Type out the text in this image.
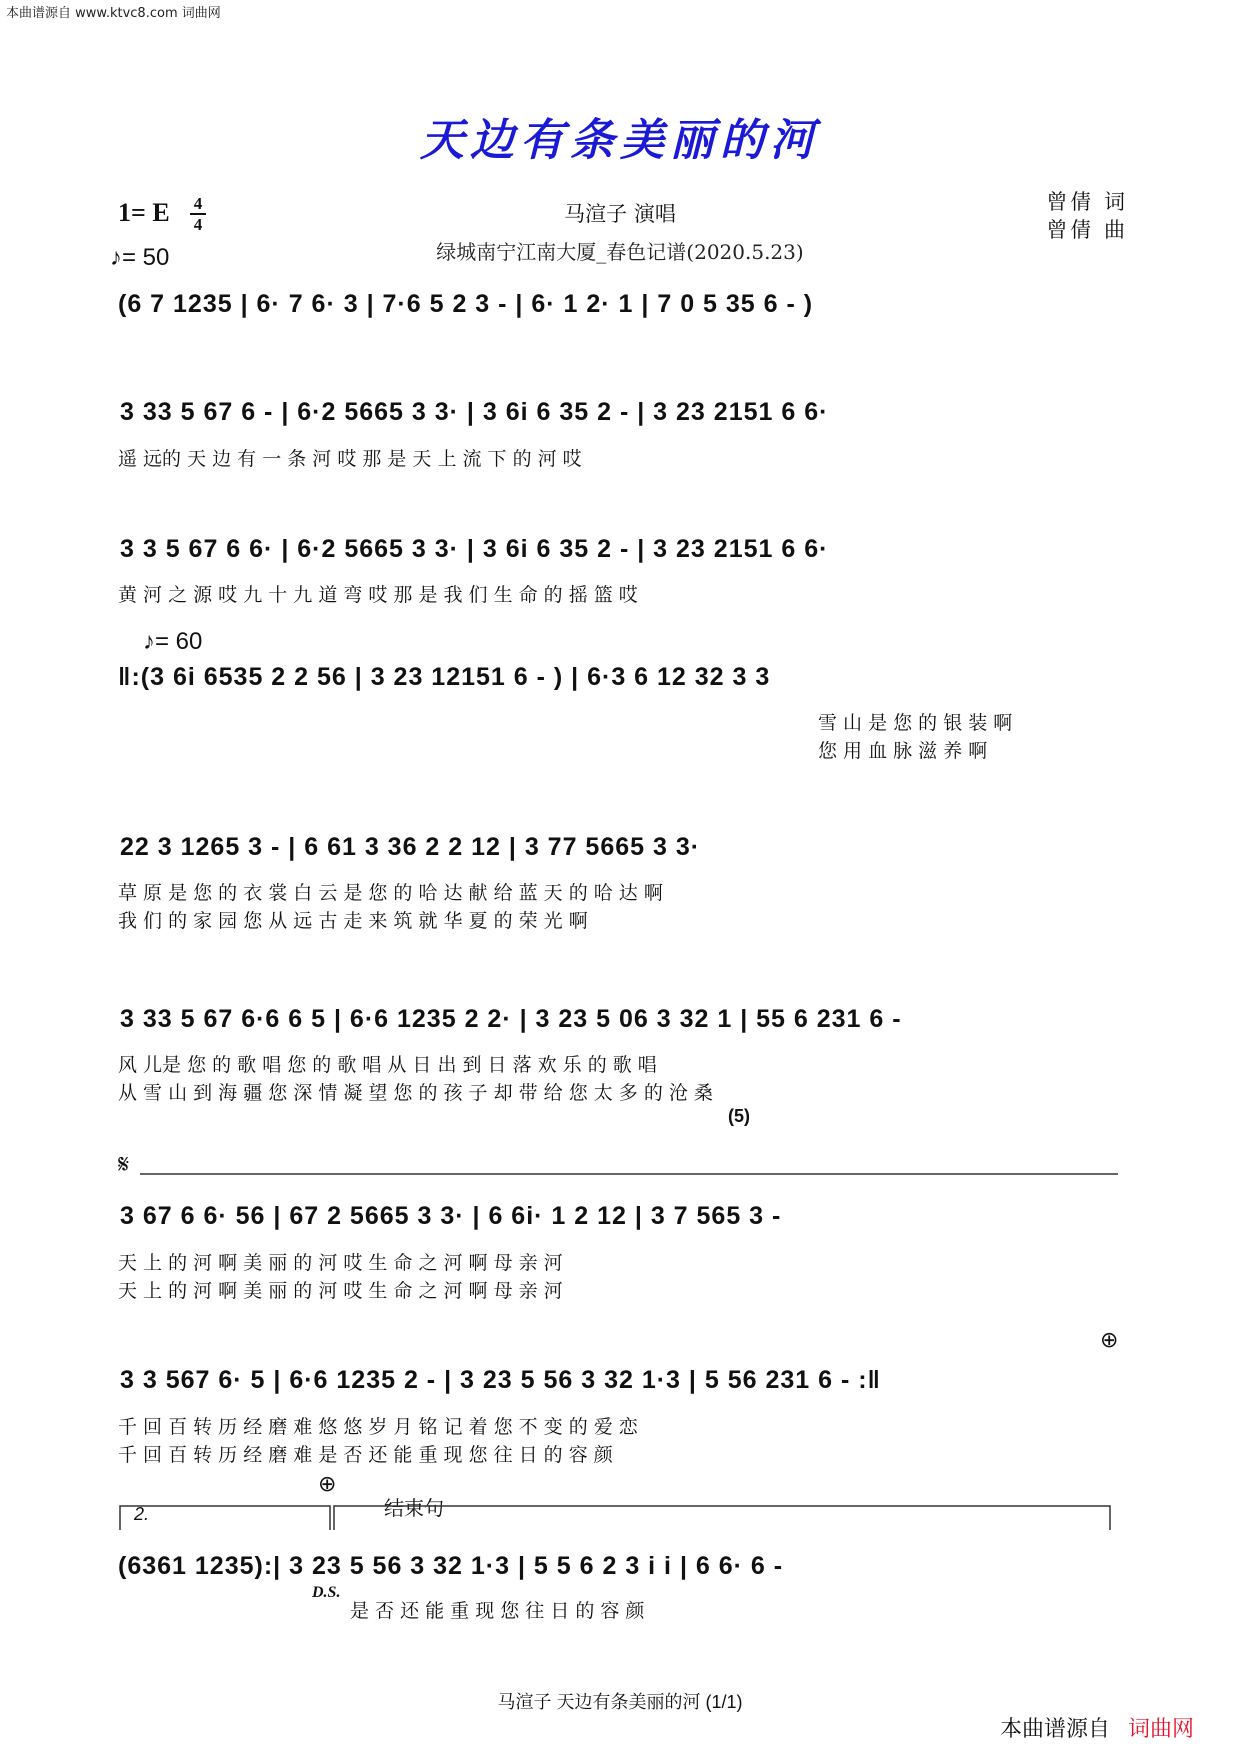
本曲谱源自 www.ktvc8.com 词曲网
天边有条美丽的河
1= E 4
4
♪= 50
马渲子 演唱
绿城南宁江南大厦_春色记谱(2020.5.23)
曾倩 词
曾倩 曲
(6 7 1235 | 6· 7 6· 3 | 7·6 5 2 3 - | 6· 1 2· 1 | 7 0 5 35 6 - )
3 33 5 67 6 - | 6·2 5665 3 3· | 3 6i 6 35 2 - | 3 23 2151 6 6·
遥 远的 天 边 有 一 条 河 哎 那 是 天 上 流 下 的 河 哎
3 3 5 67 6 6· | 6·2 5665 3 3· | 3 6i 6 35 2 - | 3 23 2151 6 6·
黄 河 之 源 哎 九 十 九 道 弯 哎 那 是 我 们 生 命 的 摇 篮 哎
♪= 60
‖:(3 6i 6535 2 2 56 | 3 23 12151 6 - ) | 6·3 6 12 32 3 3
雪 山 是 您 的 银 装 啊
您 用 血 脉 滋 养 啊
22 3 1265 3 - | 6 61 3 36 2 2 12 | 3 77 5665 3 3·
草 原 是 您 的 衣 裳 白 云 是 您 的 哈 达 献 给 蓝 天 的 哈 达 啊
我 们 的 家 园 您 从 远 古 走 来 筑 就 华 夏 的 荣 光 啊
3 33 5 67 6·6 6 5 | 6·6 1235 2 2· | 3 23 5 06 3 32 1 | 55 6 231 6 -
风 儿是 您 的 歌 唱 您 的 歌 唱 从 日 出 到 日 落 欢 乐 的 歌 唱
从 雪 山 到 海 疆 您 深 情 凝 望 您 的 孩 子 却 带 给 您 太 多 的 沧 桑
(5)
𝄋
3 67 6 6· 56 | 67 2 5665 3 3· | 6 6i· 1 2 12 | 3 7 565 3 -
天 上 的 河 啊 美 丽 的 河 哎 生 命 之 河 啊 母 亲 河
天 上 的 河 啊 美 丽 的 河 哎 生 命 之 河 啊 母 亲 河
⊕
3 3 567 6· 5 | 6·6 1235 2 - | 3 23 5 56 3 32 1·3 | 5 56 231 6 - :‖
千 回 百 转 历 经 磨 难 悠 悠 岁 月 铭 记 着 您 不 变 的 爱 恋
千 回 百 转 历 经 磨 难 是 否 还 能 重 现 您 往 日 的 容 颜
2.
⊕
结束句
(6361 1235):| 3 23 5 56 3 32 1·3 | 5 5 6 2 3 i i | 6 6· 6 -
D.S.
是 否 还 能 重 现 您 往 日 的 容 颜
马渲子 天边有条美丽的河 (1/1)
本曲谱源自 词曲网
